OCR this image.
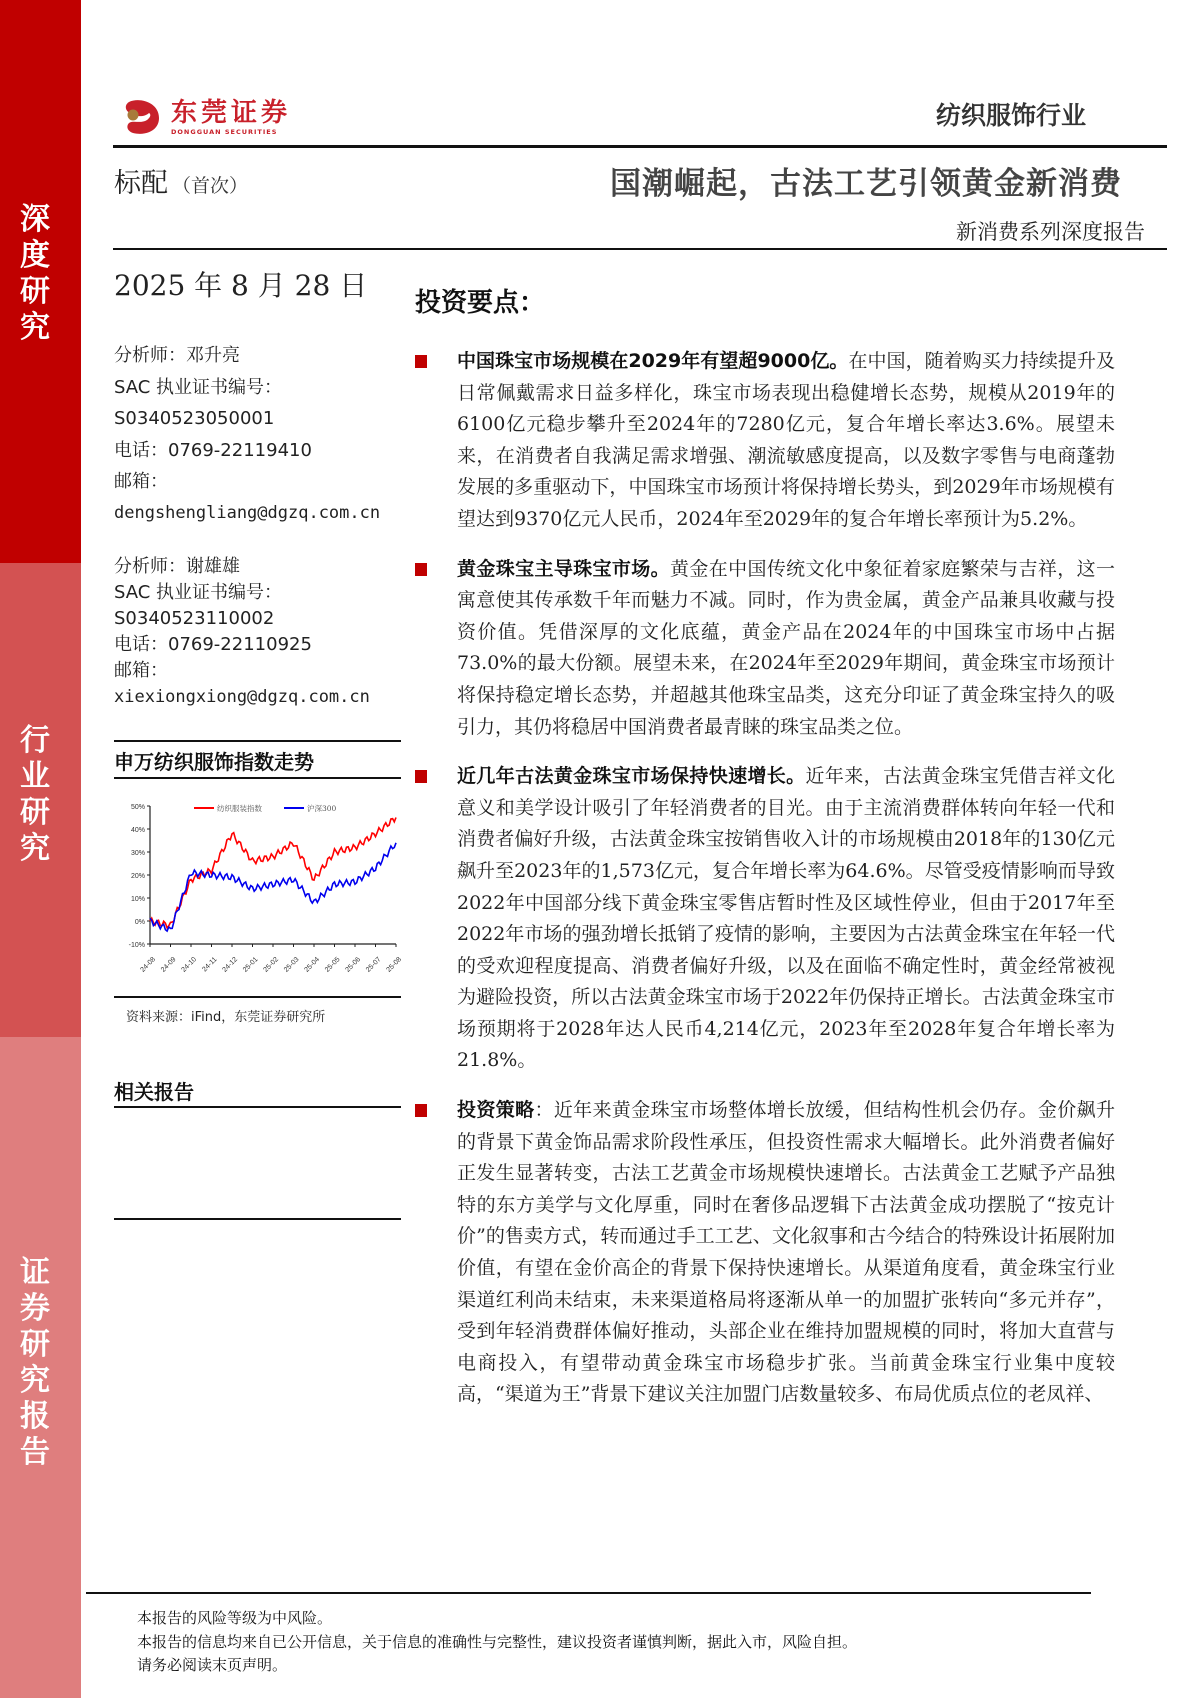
深度研究
行业研究
证券研究报告
东莞证券
DONGGUAN SECURITIES
纺织服饰行业
标配 （首次）	国潮崛起，古法工艺引领黄金新消费
新消费系列深度报告
2025 年 8 月 28 日
分析师：邓升亮
SAC 执业证书编号：
S0340523050001
电话：0769-22119410
邮箱：
dengshengliang@dgzq.com.cn
分析师：谢雄雄
SAC 执业证书编号：
S0340523110002
电话：0769-22110925
邮箱：
xiexiongxiong@dgzq.com.cn
申万纺织服饰指数走势
-10%
0%
10%
20%
30%
40%
50%
24-08 24-09 24-10 24-11 24-12 25-01 25-02 25-03 25-04 25-05 25-06 25-07 25-08
纺织服装指数	沪深300
资料来源：iFind，东莞证券研究所
相关报告
投资要点：
中国珠宝市场规模在2029年有望超9000亿。在中国，随着购买力持续提升及日常佩戴需求日益多样化，珠宝市场表现出稳健增长态势，规模从2019年的6100亿元稳步攀升至2024年的7280亿元，复合年增长率达3.6%。展望未来，在消费者自我满足需求增强、潮流敏感度提高，以及数字零售与电商蓬勃发展的多重驱动下，中国珠宝市场预计将保持增长势头，到2029年市场规模有望达到9370亿元人民币，2024年至2029年的复合年增长率预计为5.2%。
黄金珠宝主导珠宝市场。黄金在中国传统文化中象征着家庭繁荣与吉祥，这一寓意使其传承数千年而魅力不减。同时，作为贵金属，黄金产品兼具收藏与投资价值。凭借深厚的文化底蕴，黄金产品在2024年的中国珠宝市场中占据73.0%的最大份额。展望未来，在2024年至2029年期间，黄金珠宝市场预计将保持稳定增长态势，并超越其他珠宝品类，这充分印证了黄金珠宝持久的吸引力，其仍将稳居中国消费者最青睐的珠宝品类之位。
近几年古法黄金珠宝市场保持快速增长。近年来，古法黄金珠宝凭借吉祥文化意义和美学设计吸引了年轻消费者的目光。由于主流消费群体转向年轻一代和消费者偏好升级，古法黄金珠宝按销售收入计的市场规模由2018年的130亿元飙升至2023年的1,573亿元，复合年增长率为64.6%。尽管受疫情影响而导致2022年中国部分线下黄金珠宝零售店暂时性及区域性停业，但由于2017年至2022年市场的强劲增长抵销了疫情的影响，主要因为古法黄金珠宝在年轻一代的受欢迎程度提高、消费者偏好升级，以及在面临不确定性时，黄金经常被视为避险投资，所以古法黄金珠宝市场于2022年仍保持正增长。古法黄金珠宝市场预期将于2028年达人民币4,214亿元，2023年至2028年复合年增长率为21.8%。
投资策略：近年来黄金珠宝市场整体增长放缓，但结构性机会仍存。金价飙升的背景下黄金饰品需求阶段性承压，但投资性需求大幅增长。此外消费者偏好正发生显著转变，古法工艺黄金市场规模快速增长。古法黄金工艺赋予产品独特的东方美学与文化厚重，同时在奢侈品逻辑下古法黄金成功摆脱了“按克计价”的售卖方式，转而通过手工工艺、文化叙事和古今结合的特殊设计拓展附加价值，有望在金价高企的背景下保持快速增长。从渠道角度看，黄金珠宝行业渠道红利尚未结束，未来渠道格局将逐渐从单一的加盟扩张转向“多元并存”，受到年轻消费群体偏好推动，头部企业在维持加盟规模的同时，将加大直营与电商投入，有望带动黄金珠宝市场稳步扩张。当前黄金珠宝行业集中度较高，“渠道为王”背景下建议关注加盟门店数量较多、布局优质点位的老凤祥、
本报告的风险等级为中风险。
本报告的信息均来自已公开信息，关于信息的准确性与完整性，建议投资者谨慎判断，据此入市，风险自担。
请务必阅读末页声明。
